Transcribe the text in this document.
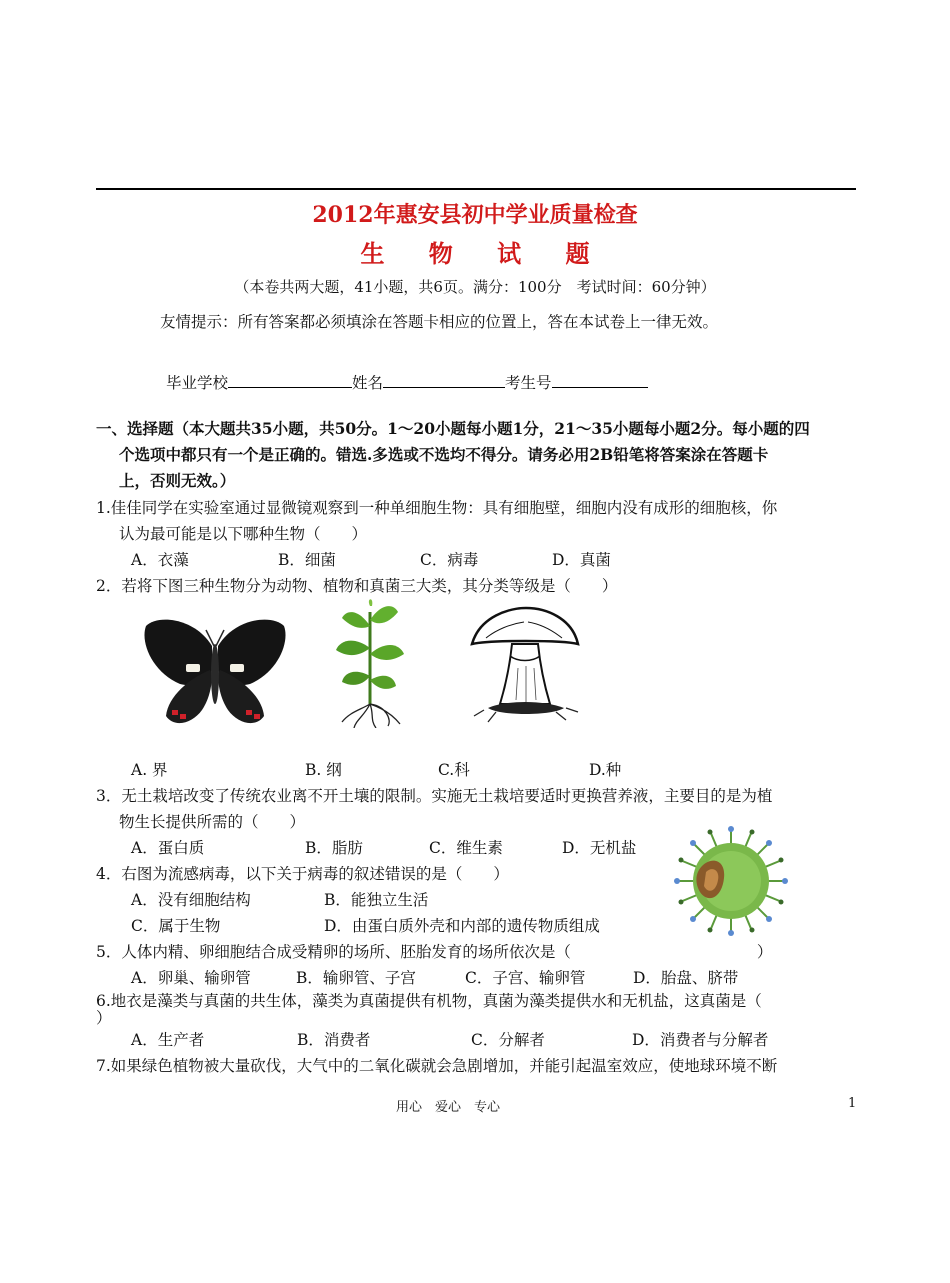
2012年惠安县初中学业质量检查
生 物 试 题
（本卷共两大题，41小题，共6页。满分：100分　考试时间：60分钟）
友情提示：所有答案都必须填涂在答题卡相应的位置上，答在本试卷上一律无效。
毕业学校	姓名	考生号
一、选择题（本大题共35小题，共50分。1～20小题每小题1分，21～35小题每小题2分。每小题的四
个选项中都只有一个是正确的。错选.多选或不选均不得分。请务必用2B铅笔将答案涂在答题卡
上，否则无效。）
1.佳佳同学在实验室通过显微镜观察到一种单细胞生物：具有细胞壁，细胞内没有成形的细胞核，你
认为最可能是以下哪种生物（　　）
A．衣藻	B．细菌	C．病毒	D．真菌
2．若将下图三种生物分为动物、植物和真菌三大类，其分类等级是（　　）
A. 界	B. 纲	C.科	D.种
3．无土栽培改变了传统农业离不开土壤的限制。实施无土栽培要适时更换营养液，主要目的是为植
物生长提供所需的（　　）
A．蛋白质	B．脂肪	C．维生素	D．无机盐
4．右图为流感病毒，以下关于病毒的叙述错误的是（　　）
A．没有细胞结构	B．能独立生活
C．属于生物	D．由蛋白质外壳和内部的遗传物质组成
5．人体内精、卵细胞结合成受精卵的场所、胚胎发育的场所依次是（　　　　　　　　　　　　）
A．卵巢、输卵管	B．输卵管、子宫	C．子宫、输卵管	D．胎盘、脐带
6.地衣是藻类与真菌的共生体，藻类为真菌提供有机物，真菌为藻类提供水和无机盐，这真菌是（
）
A．生产者	B．消费者	C．分解者	D．消费者与分解者
7.如果绿色植物被大量砍伐，大气中的二氧化碳就会急剧增加，并能引起温室效应，使地球环境不断
用心　爱心　专心	1
